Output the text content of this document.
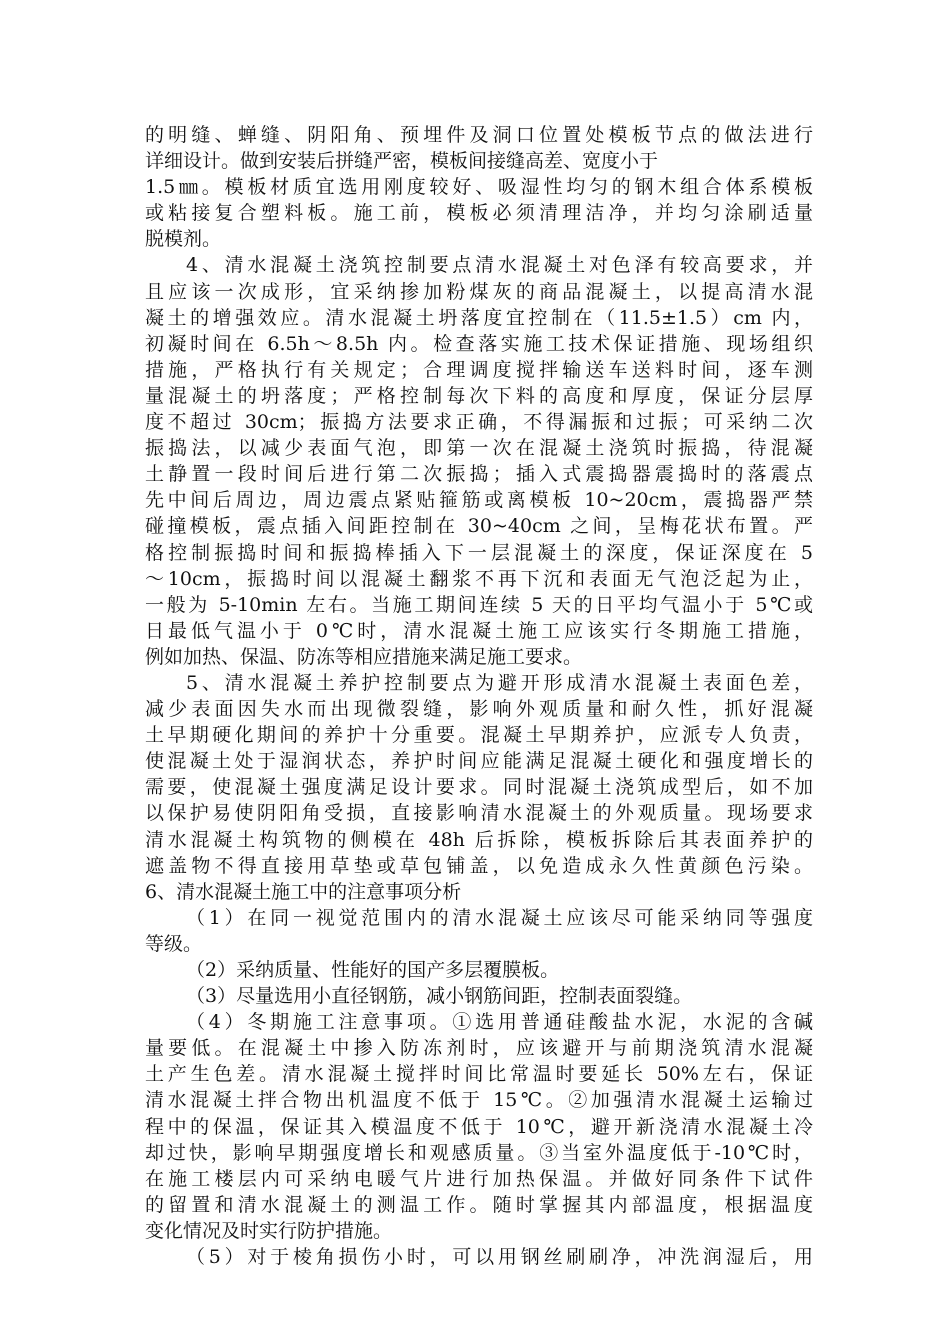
的明缝、蝉缝、阴阳角、预埋件及洞口位置处模板节点的做法进行
详细设计。做到安装后拼缝严密，模板间接缝高差、宽度小于
1.5㎜。模板材质宜选用刚度较好、吸湿性均匀的钢木组合体系模板
或粘接复合塑料板。施工前，模板必须清理洁净，并均匀涂刷适量
脱模剂。
4、清水混凝土浇筑控制要点清水混凝土对色泽有较高要求，并
且应该一次成形，宜采纳掺加粉煤灰的商品混凝土，以提高清水混
凝土的增强效应。清水混凝土坍落度宜控制在（11.5±1.5）cm 内，
初凝时间在 6.5h～8.5h 内。检查落实施工技术保证措施、现场组织
措施，严格执行有关规定；合理调度搅拌输送车送料时间，逐车测
量混凝土的坍落度；严格控制每次下料的高度和厚度，保证分层厚
度不超过 30cm；振捣方法要求正确，不得漏振和过振；可采纳二次
振捣法，以减少表面气泡，即第一次在混凝土浇筑时振捣，待混凝
土静置一段时间后进行第二次振捣；插入式震捣器震捣时的落震点
先中间后周边，周边震点紧贴箍筋或离模板 10~20cm，震捣器严禁
碰撞模板，震点插入间距控制在 30~40cm 之间，呈梅花状布置。严
格控制振捣时间和振捣棒插入下一层混凝土的深度，保证深度在 5
～10cm，振捣时间以混凝土翻浆不再下沉和表面无气泡泛起为止，
一般为 5-10min 左右。当施工期间连续 5 天的日平均气温小于 5℃或
日最低气温小于 0℃时，清水混凝土施工应该实行冬期施工措施，
例如加热、保温、防冻等相应措施来满足施工要求。
5、清水混凝土养护控制要点为避开形成清水混凝土表面色差，
减少表面因失水而出现微裂缝，影响外观质量和耐久性，抓好混凝
土早期硬化期间的养护十分重要。混凝土早期养护，应派专人负责，
使混凝土处于湿润状态，养护时间应能满足混凝土硬化和强度增长的
需要，使混凝土强度满足设计要求。同时混凝土浇筑成型后，如不加
以保护易使阴阳角受损，直接影响清水混凝土的外观质量。现场要求
清水混凝土构筑物的侧模在 48h 后拆除，模板拆除后其表面养护的
遮盖物不得直接用草垫或草包铺盖，以免造成永久性黄颜色污染。
6、清水混凝土施工中的注意事项分析
（1）在同一视觉范围内的清水混凝土应该尽可能采纳同等强度
等级。
（2）采纳质量、性能好的国产多层覆膜板。
（3）尽量选用小直径钢筋，减小钢筋间距，控制表面裂缝。
（4）冬期施工注意事项。①选用普通硅酸盐水泥，水泥的含碱
量要低。在混凝土中掺入防冻剂时，应该避开与前期浇筑清水混凝
土产生色差。清水混凝土搅拌时间比常温时要延长 50%左右，保证
清水混凝土拌合物出机温度不低于 15℃。②加强清水混凝土运输过
程中的保温，保证其入模温度不低于 10℃，避开新浇清水混凝土冷
却过快，影响早期强度增长和观感质量。③当室外温度低于-10℃时，
在施工楼层内可采纳电暖气片进行加热保温。并做好同条件下试件
的留置和清水混凝土的测温工作。随时掌握其内部温度，根据温度
变化情况及时实行防护措施。
（5）对于棱角损伤小时，可以用钢丝刷刷净，冲洗润湿后，用
